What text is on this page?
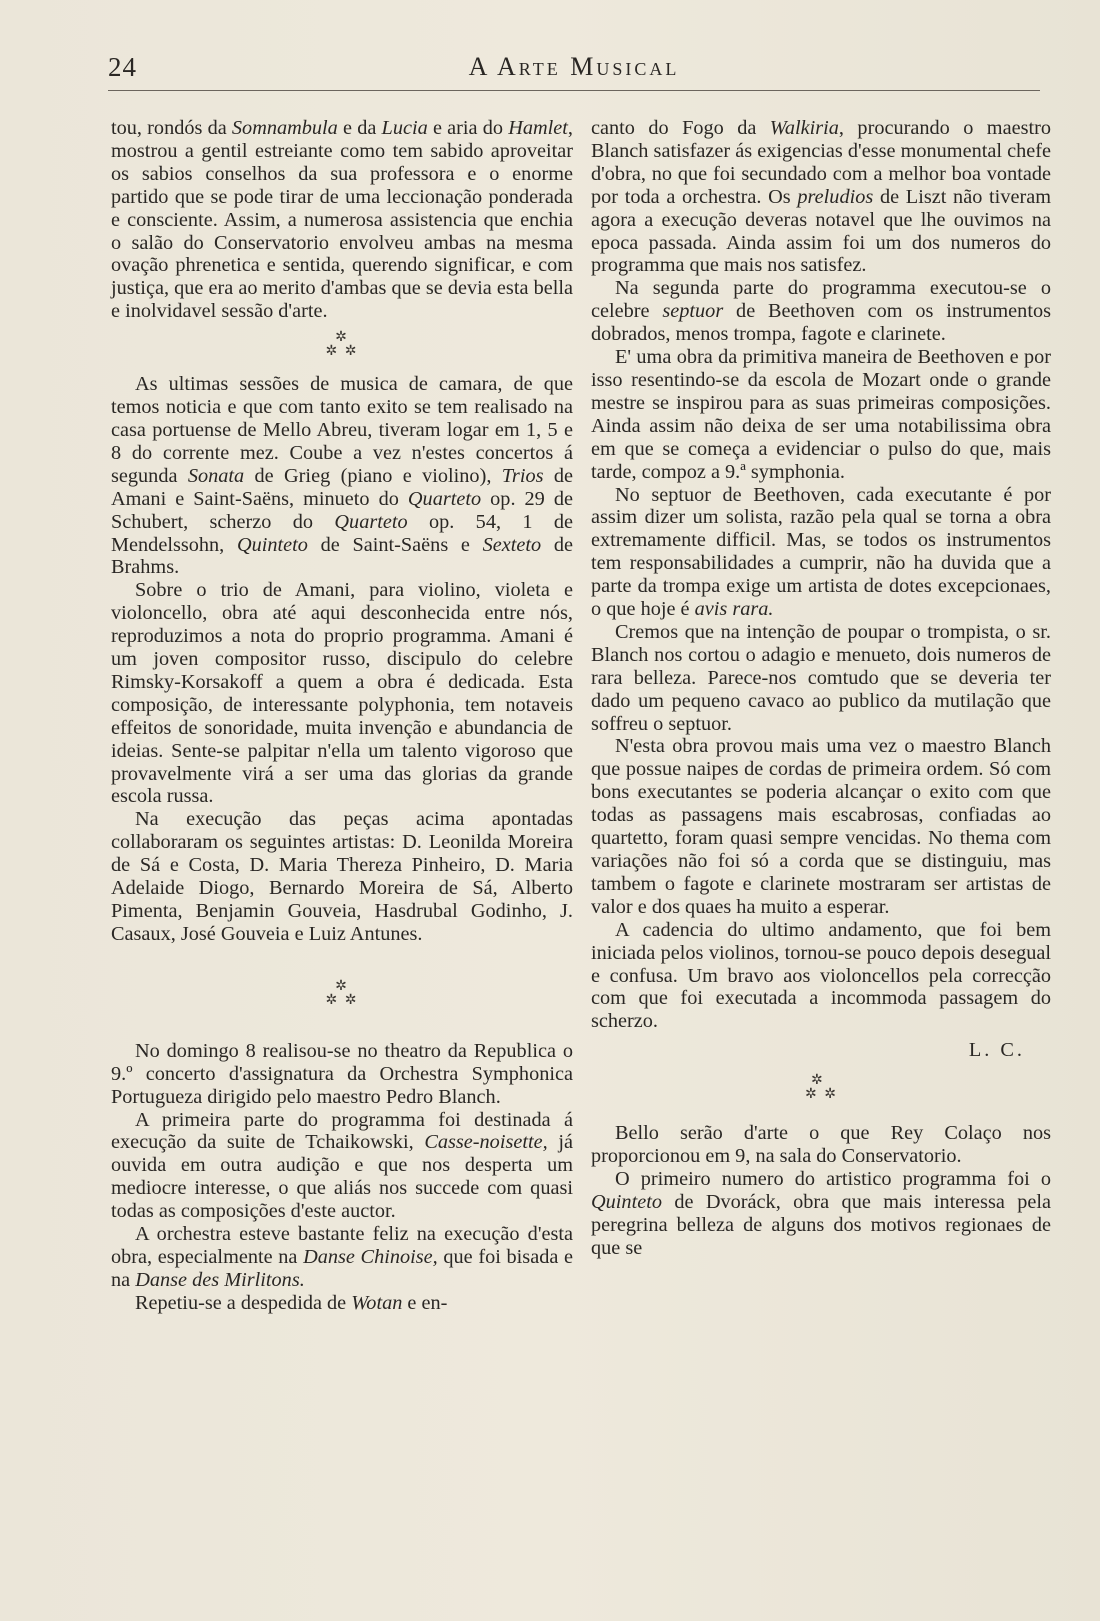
24	A Arte Musical

tou, rondós da Somnambula e da Lucia e aria do Hamlet, mostrou a gentil estreiante como tem sabido aproveitar os sabios conselhos da sua professora e o enorme partido que se pode tirar de uma leccionação ponderada e consciente. Assim, a numerosa assistencia que enchia o salão do Conservatorio envolveu ambas na mesma ovação phrenetica e sentida, querendo significar, e com justiça, que era ao merito d'ambas que se devia esta bella e inolvidavel sessão d'arte.

✲
✲ ✲

As ultimas sessões de musica de camara, de que temos noticia e que com tanto exito se tem realisado na casa portuense de Mello Abreu, tiveram logar em 1, 5 e 8 do corrente mez. Coube a vez n'estes concertos á segunda Sonata de Grieg (piano e violino), Trios de Amani e Saint-Saëns, minueto do Quarteto op. 29 de Schubert, scherzo do Quarteto op. 54, 1 de Mendelssohn, Quinteto de Saint-Saëns e Sexteto de Brahms.

Sobre o trio de Amani, para violino, violeta e violoncello, obra até aqui desconhecida entre nós, reproduzimos a nota do proprio programma. Amani é um joven compositor russo, discipulo do celebre Rimsky-Korsakoff a quem a obra é dedicada. Esta composição, de interessante polyphonia, tem notaveis effeitos de sonoridade, muita invenção e abundancia de ideias. Sente-se palpitar n'ella um talento vigoroso que provavelmente virá a ser uma das glorias da grande escola russa.

Na execução das peças acima apontadas collaboraram os seguintes artistas: D. Leonilda Moreira de Sá e Costa, D. Maria Thereza Pinheiro, D. Maria Adelaide Diogo, Bernardo Moreira de Sá, Alberto Pimenta, Benjamin Gouveia, Hasdrubal Godinho, J. Casaux, José Gouveia e Luiz Antunes.

✲
✲ ✲

No domingo 8 realisou-se no theatro da Republica o 9.º concerto d'assignatura da Orchestra Symphonica Portugueza dirigido pelo maestro Pedro Blanch.

A primeira parte do programma foi destinada á execução da suite de Tchaikowski, Casse-noisette, já ouvida em outra audição e que nos desperta um mediocre interesse, o que aliás nos succede com quasi todas as composições d'este auctor.

A orchestra esteve bastante feliz na execução d'esta obra, especialmente na Danse Chinoise, que foi bisada e na Danse des Mirlitons.

Repetiu-se a despedida de Wotan e en-

canto do Fogo da Walkiria, procurando o maestro Blanch satisfazer ás exigencias d'esse monumental chefe d'obra, no que foi secundado com a melhor boa vontade por toda a orchestra. Os preludios de Liszt não tiveram agora a execução deveras notavel que lhe ouvimos na epoca passada. Ainda assim foi um dos numeros do programma que mais nos satisfez.

Na segunda parte do programma executou-se o celebre septuor de Beethoven com os instrumentos dobrados, menos trompa, fagote e clarinete.

E' uma obra da primitiva maneira de Beethoven e por isso resentindo-se da escola de Mozart onde o grande mestre se inspirou para as suas primeiras composições. Ainda assim não deixa de ser uma notabilissima obra em que se começa a evidenciar o pulso do que, mais tarde, compoz a 9.ª symphonia.

No septuor de Beethoven, cada executante é por assim dizer um solista, razão pela qual se torna a obra extremamente difficil. Mas, se todos os instrumentos tem responsabilidades a cumprir, não ha duvida que a parte da trompa exige um artista de dotes excepcionaes, o que hoje é avis rara.

Cremos que na intenção de poupar o trompista, o sr. Blanch nos cortou o adagio e menueto, dois numeros de rara belleza. Parece-nos comtudo que se deveria ter dado um pequeno cavaco ao publico da mutilação que soffreu o septuor.

N'esta obra provou mais uma vez o maestro Blanch que possue naipes de cordas de primeira ordem. Só com bons executantes se poderia alcançar o exito com que todas as passagens mais escabrosas, confiadas ao quartetto, foram quasi sempre vencidas. No thema com variações não foi só a corda que se distinguiu, mas tambem o fagote e clarinete mostraram ser artistas de valor e dos quaes ha muito a esperar.

A cadencia do ultimo andamento, que foi bem iniciada pelos violinos, tornou-se pouco depois desegual e confusa. Um bravo aos violoncellos pela correcção com que foi executada a incommoda passagem do scherzo.

L. C.

✲
✲ ✲

Bello serão d'arte o que Rey Colaço nos proporcionou em 9, na sala do Conservatorio.

O primeiro numero do artistico programma foi o Quinteto de Dvoráck, obra que mais interessa pela peregrina belleza de alguns dos motivos regionaes de que se
